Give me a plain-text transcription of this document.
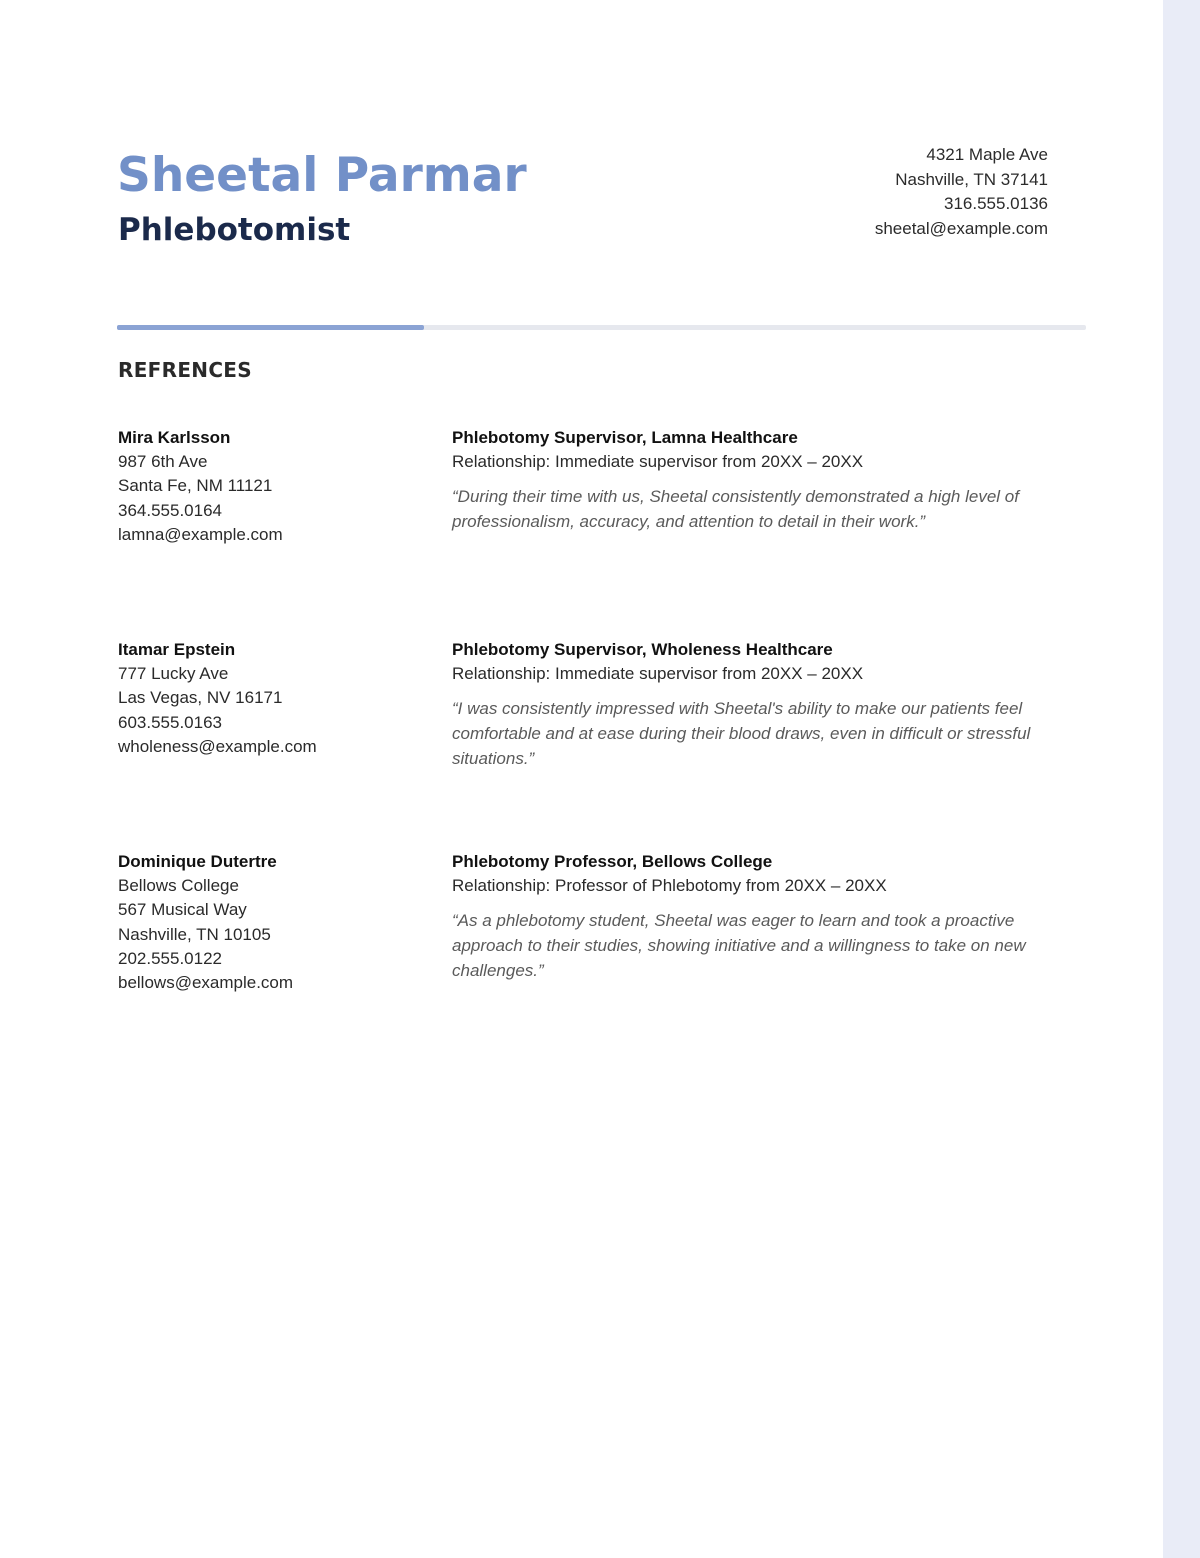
Sheetal Parmar
Phlebotomist
4321 Maple Ave
Nashville, TN 37141
316.555.0136
sheetal@example.com
REFRENCES
Mira Karlsson
987 6th Ave
Santa Fe, NM 11121
364.555.0164
lamna@example.com
Phlebotomy Supervisor, Lamna Healthcare
Relationship: Immediate supervisor from 20XX – 20XX
“During their time with us, Sheetal consistently demonstrated a high level of professionalism, accuracy, and attention to detail in their work.”
Itamar Epstein
777 Lucky Ave
Las Vegas, NV 16171
603.555.0163
wholeness@example.com
Phlebotomy Supervisor, Wholeness Healthcare
Relationship: Immediate supervisor from 20XX – 20XX
“I was consistently impressed with Sheetal's ability to make our patients feel comfortable and at ease during their blood draws, even in difficult or stressful situations.”
Dominique Dutertre
Bellows College
567 Musical Way
Nashville, TN 10105
202.555.0122
bellows@example.com
Phlebotomy Professor, Bellows College
Relationship: Professor of Phlebotomy from 20XX – 20XX
“As a phlebotomy student, Sheetal was eager to learn and took a proactive approach to their studies, showing initiative and a willingness to take on new challenges.”
